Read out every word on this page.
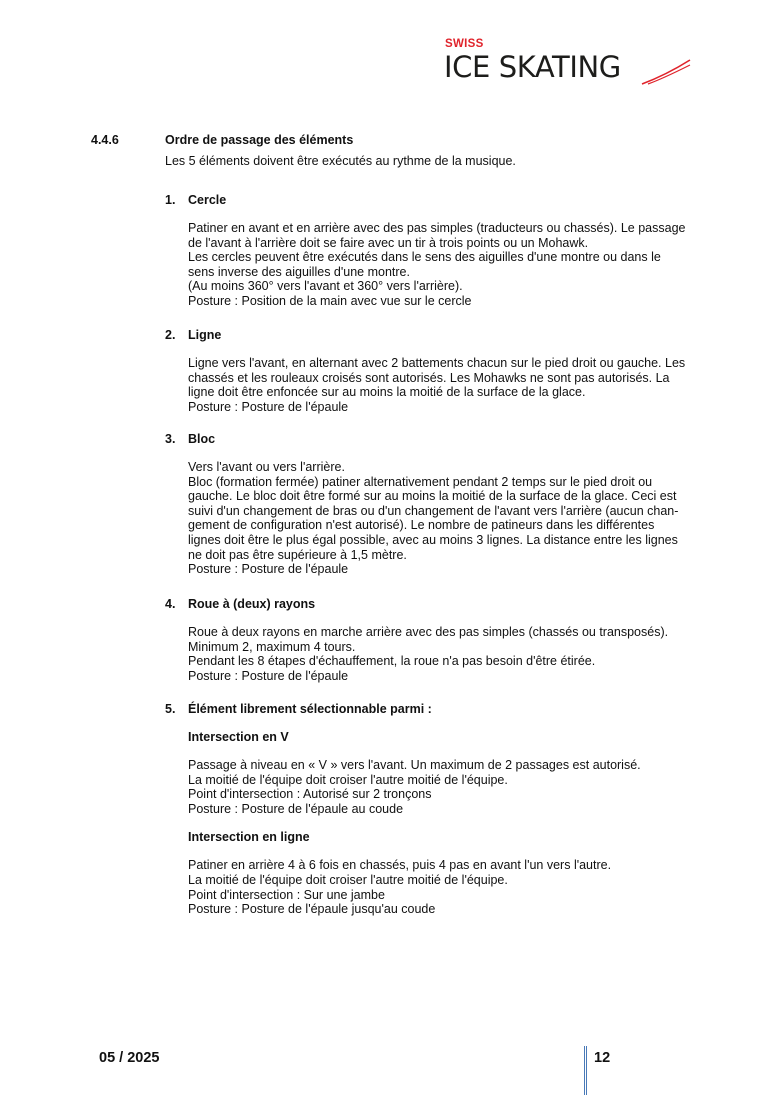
SWISS
ICE SKATING
4.4.6	Ordre de passage des éléments
Les 5 éléments doivent être exécutés au rythme de la musique.
1.	Cercle

Patiner en avant et en arrière avec des pas simples (traducteurs ou chassés). Le passage

de l'avant à l'arrière doit se faire avec un tir à trois points ou un Mohawk.

Les cercles peuvent être exécutés dans le sens des aiguilles d'une montre ou dans le

sens inverse des aiguilles d'une montre.

(Au moins 360° vers l'avant et 360° vers l'arrière).

Posture : Position de la main avec vue sur le cercle

2.	Ligne

Ligne vers l'avant, en alternant avec 2 battements chacun sur le pied droit ou gauche. Les

chassés et les rouleaux croisés sont autorisés. Les Mohawks ne sont pas autorisés. La

ligne doit être enfoncée sur au moins la moitié de la surface de la glace.

Posture : Posture de l'épaule

3.	Bloc

Vers l'avant ou vers l'arrière.

Bloc (formation fermée) patiner alternativement pendant 2 temps sur le pied droit ou

gauche. Le bloc doit être formé sur au moins la moitié de la surface de la glace. Ceci est

suivi d'un changement de bras ou d'un changement de l'avant vers l'arrière (aucun chan-

gement de configuration n'est autorisé). Le nombre de patineurs dans les différentes

lignes doit être le plus égal possible, avec au moins 3 lignes. La distance entre les lignes

ne doit pas être supérieure à 1,5 mètre.

Posture : Posture de l'épaule

4.	Roue à (deux) rayons

Roue à deux rayons en marche arrière avec des pas simples (chassés ou transposés).

Minimum 2, maximum 4 tours.

Pendant les 8 étapes d'échauffement, la roue n'a pas besoin d'être étirée.

Posture : Posture de l'épaule

5.	Élément librement sélectionnable parmi :
Intersection en V

Passage à niveau en « V » vers l'avant. Un maximum de 2 passages est autorisé.

La moitié de l'équipe doit croiser l'autre moitié de l'équipe.

Point d'intersection : Autorisé sur 2 tronçons

Posture : Posture de l'épaule au coude

Intersection en ligne

Patiner en arrière 4 à 6 fois en chassés, puis 4 pas en avant l'un vers l'autre.

La moitié de l'équipe doit croiser l'autre moitié de l'équipe.

Point d'intersection : Sur une jambe

Posture : Posture de l'épaule jusqu'au coude

05 / 2025	12
